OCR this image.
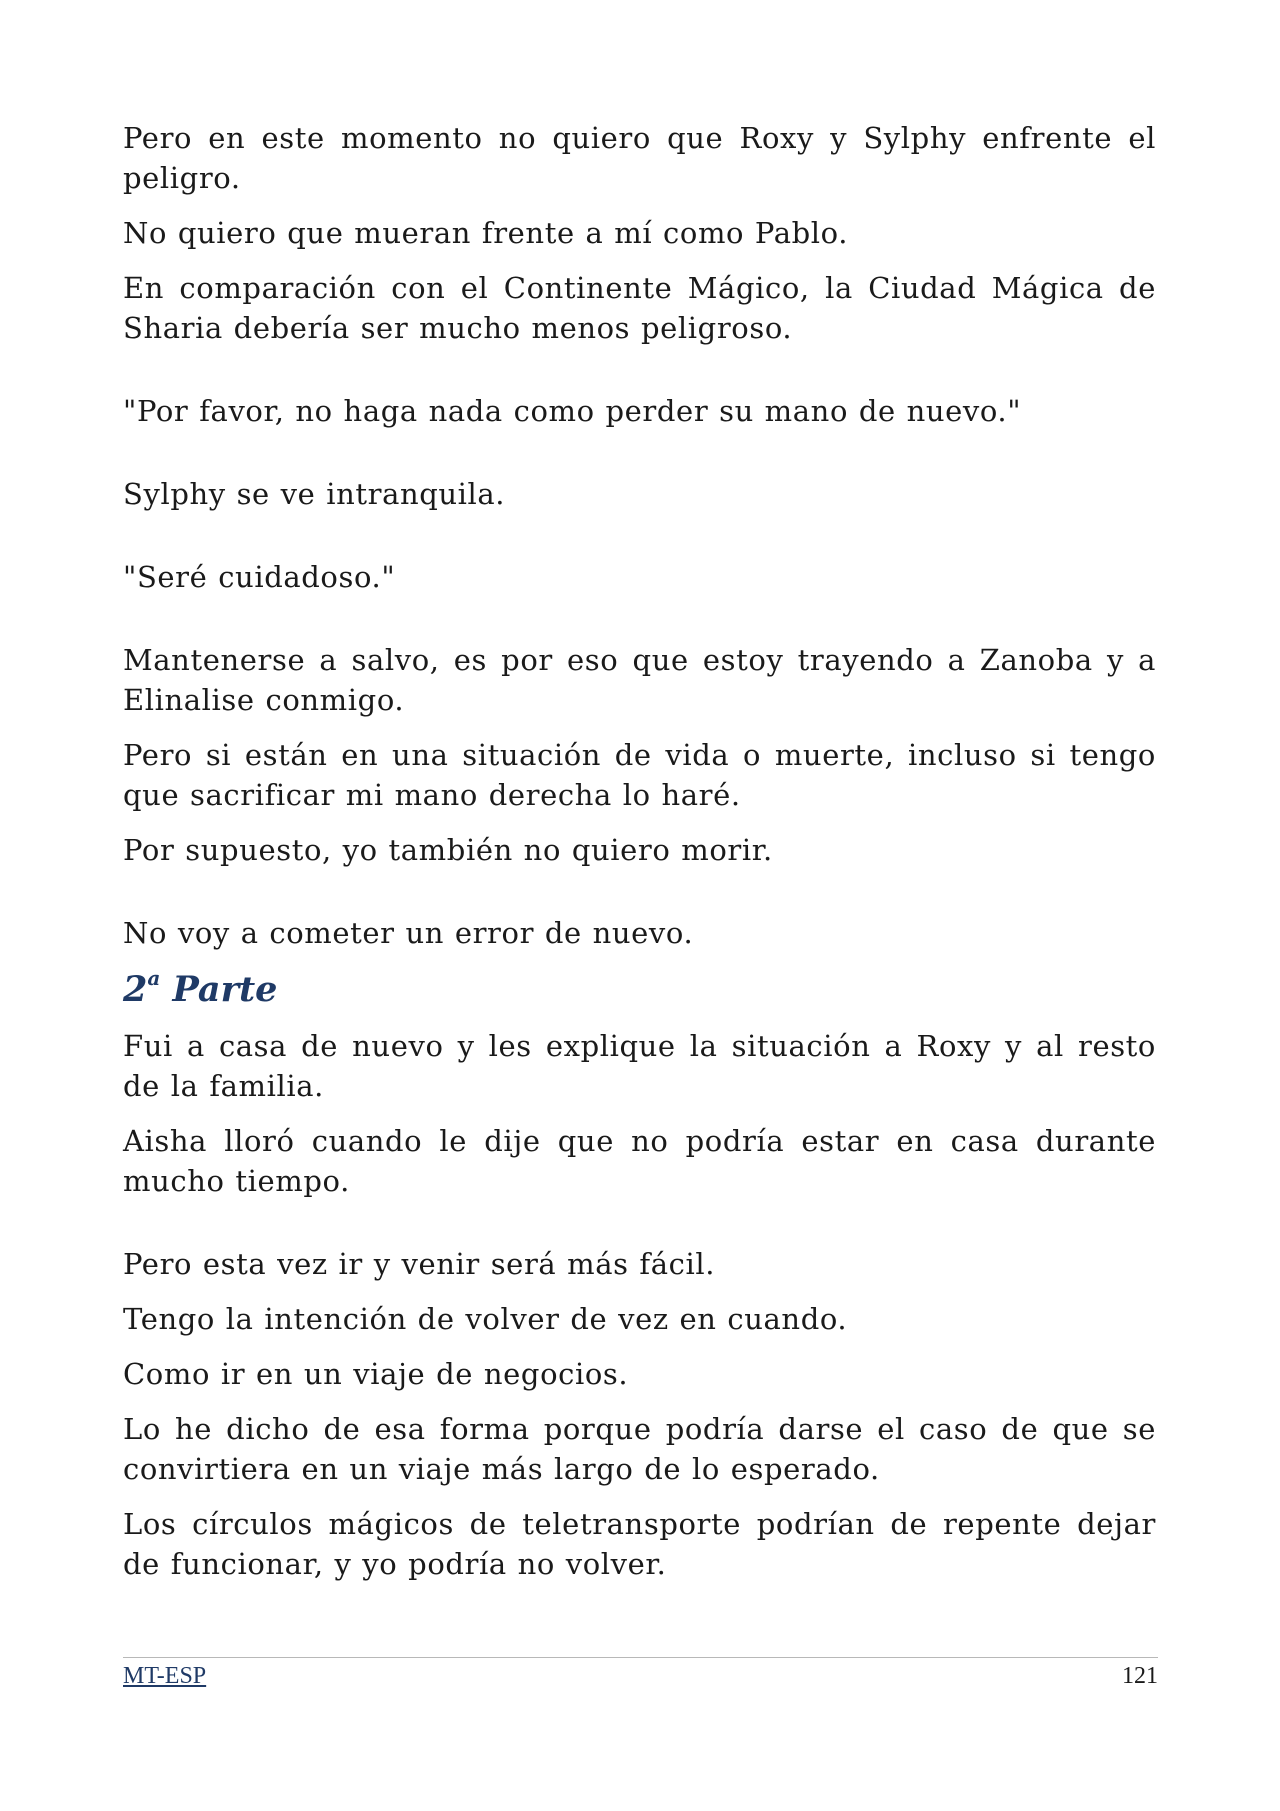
Pero en este momento no quiero que Roxy y Sylphy enfrente el peligro.

No quiero que mueran frente a mí como Pablo.

En comparación con el Continente Mágico, la Ciudad Mágica de Sharia debería ser mucho menos peligroso.

"Por favor, no haga nada como perder su mano de nuevo."

Sylphy se ve intranquila.

"Seré cuidadoso."

Mantenerse a salvo, es por eso que estoy trayendo a Zanoba y a Elinalise conmigo.

Pero si están en una situación de vida o muerte, incluso si tengo que sacrificar mi mano derecha lo haré.

Por supuesto, yo también no quiero morir.

No voy a cometer un error de nuevo.

2$^a$ Parte

Fui a casa de nuevo y les explique la situación a Roxy y al resto de la familia.

Aisha lloró cuando le dije que no podría estar en casa durante mucho tiempo.

Pero esta vez ir y venir será más fácil.

Tengo la intención de volver de vez en cuando.

Como ir en un viaje de negocios.

Lo he dicho de esa forma porque podría darse el caso de que se convirtiera en un viaje más largo de lo esperado.

Los círculos mágicos de teletransporte podrían de repente dejar de funcionar, y yo podría no volver.

MT-ESP	121
